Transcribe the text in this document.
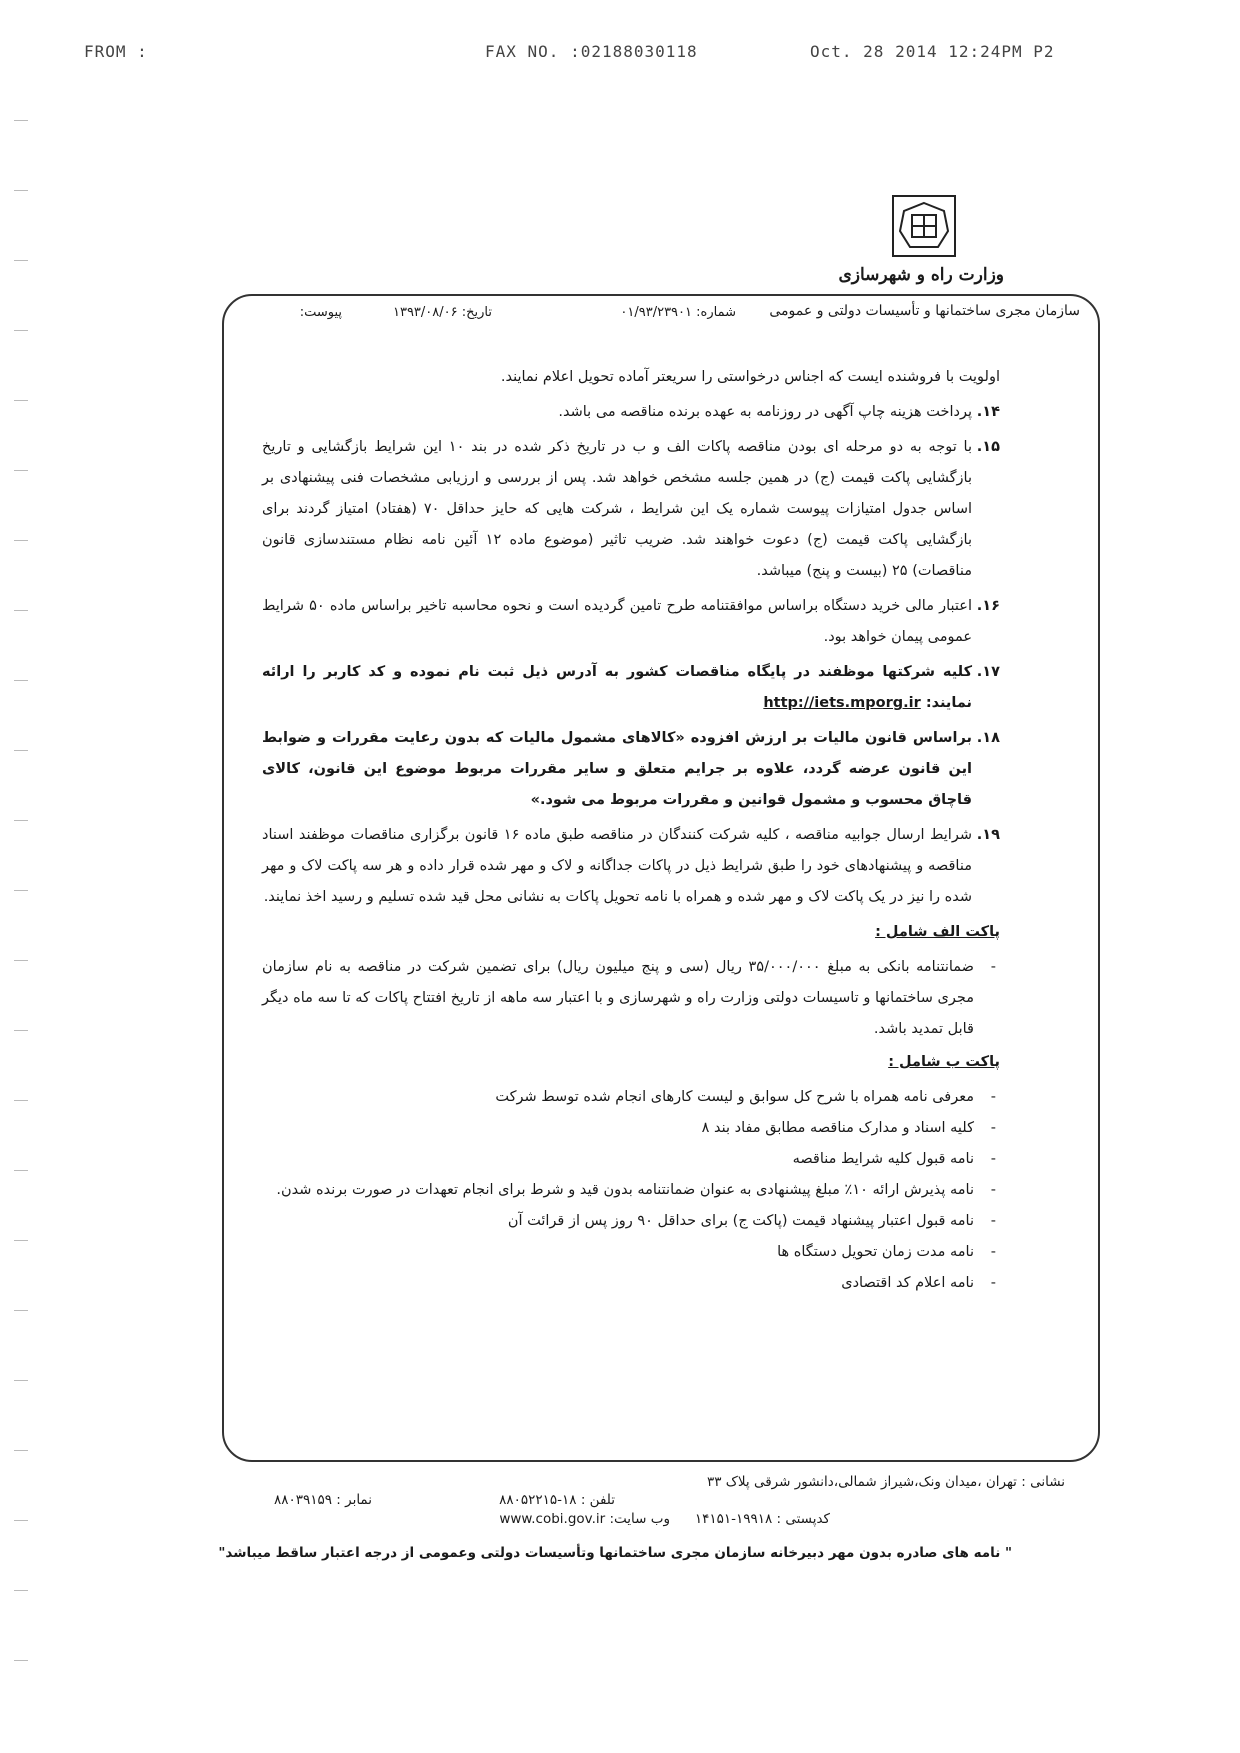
FROM :	FAX NO. :02188030118	Oct. 28 2014 12:24PM P2
وزارت راه و شهرسازی
سازمان مجری ساختمانها و تأسیسات دولتی و عمومی
شماره: ۰۱/۹۳/۲۳۹۰۱
تاریخ: ۱۳۹۳/۰۸/۰۶
پیوست:

اولویت با فروشنده ایست که اجناس درخواستی را سریعتر آماده تحویل اعلام نمایند.

۱۴.
پرداخت هزینه چاپ آگهی در روزنامه به عهده برنده مناقصه می باشد.

۱۵.
با توجه به دو مرحله ای بودن مناقصه پاکات الف و ب در تاریخ ذکر شده در بند ۱۰ این شرایط بازگشایی و تاریخ بازگشایی پاکت قیمت (ج) در همین جلسه مشخص خواهد شد. پس از بررسی و ارزیابی مشخصات فنی پیشنهادی بر اساس جدول امتیازات پیوست شماره یک این شرایط ، شرکت هایی که حایز حداقل ۷۰ (هفتاد) امتیاز گردند برای بازگشایی پاکت قیمت (ج) دعوت خواهند شد. ضریب تاثیر (موضوع ماده ۱۲ آئین نامه نظام مستندسازی قانون مناقصات) ۲۵ (بیست و پنج) میباشد.

۱۶.
اعتبار مالی خرید دستگاه براساس موافقتنامه طرح تامین گردیده است و نحوه محاسبه تاخیر براساس ماده ۵۰ شرایط عمومی پیمان خواهد بود.

۱۷.
کلیه شرکتها موظفند در پایگاه مناقصات کشور به آدرس ذیل ثبت نام نموده و کد کاربر را ارائه نمایند: http://iets.mporg.ir

۱۸.
براساس قانون مالیات بر ارزش افزوده «کالاهای مشمول مالیات که بدون رعایت مقررات و ضوابط این قانون عرضه گردد، علاوه بر جرایم متعلق و سایر مقررات مربوط موضوع این قانون، کالای قاچاق محسوب و مشمول قوانین و مقررات مربوط می شود.»

۱۹.
شرایط ارسال جوابیه مناقصه ، کلیه شرکت کنندگان در مناقصه طبق ماده ۱۶ قانون برگزاری مناقصات موظفند اسناد مناقصه و پیشنهادهای خود را طبق شرایط ذیل در پاکات جداگانه و لاک و مهر شده قرار داده و هر سه پاکت لاک و مهر شده را نیز در یک پاکت لاک و مهر شده و همراه با نامه تحویل پاکات به نشانی محل قید شده تسلیم و رسید اخذ نمایند.

پاکت الف شامل :
- ضمانتنامه بانکی به مبلغ ۳۵/۰۰۰/۰۰۰ ریال (سی و پنج میلیون ریال) برای تضمین شرکت در مناقصه به نام سازمان مجری ساختمانها و تاسیسات دولتی وزارت راه و شهرسازی و با اعتبار سه ماهه از تاریخ افتتاح پاکات که تا سه ماه دیگر قابل تمدید باشد.
پاکت ب شامل :
- معرفی نامه همراه با شرح کل سوابق و لیست کارهای انجام شده توسط شرکت
- کلیه اسناد و مدارک مناقصه مطابق مفاد بند ۸
- نامه قبول کلیه شرایط مناقصه
- نامه پذیرش ارائه ۱۰٪ مبلغ پیشنهادی به عنوان ضمانتنامه بدون قید و شرط برای انجام تعهدات در صورت برنده شدن.
- نامه قبول اعتبار پیشنهاد قیمت (پاکت ج) برای حداقل ۹۰ روز پس از قرائت آن
- نامه مدت زمان تحویل دستگاه ها
- نامه اعلام کد اقتصادی
نشانی : تهران ،میدان ونک،شیراز شمالی،دانشور شرقی پلاک ۳۳
تلفن : ۱۸-۸۸۰۵۲۲۱۵
نمابر : ۸۸۰۳۹۱۵۹
کدپستی : ۱۹۹۱۸-۱۴۱۵۱
وب سایت: www.cobi.gov.ir
" نامه های صادره بدون مهر دبیرخانه سازمان مجری ساختمانها وتأسیسات دولتی وعمومی از درجه اعتبار ساقط میباشد"
